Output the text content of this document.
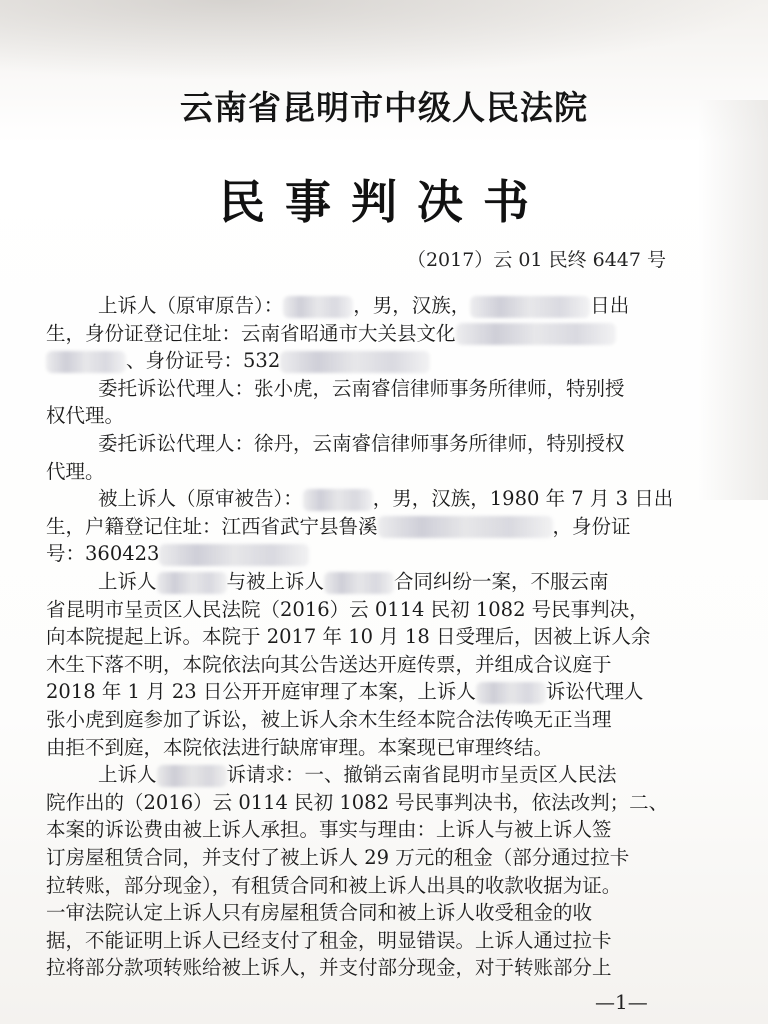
云南省昆明市中级人民法院
民事判决书
（2017）云 01 民终 6447 号
上诉人（原审原告）：	，男，汉族，	日出
生，身份证登记住址：云南省昭通市大关县文化
、身份证号：532
委托诉讼代理人：张小虎，云南睿信律师事务所律师，特别授
权代理。
委托诉讼代理人：徐丹，云南睿信律师事务所律师，特别授权
代理。
被上诉人（原审被告）：	，男，汉族，1980 年 7 月 3 日出
生，户籍登记住址：江西省武宁县鲁溪	，身份证
号：360423
上诉人	与被上诉人	合同纠纷一案，不服云南
省昆明市呈贡区人民法院（2016）云 0114 民初 1082 号民事判决，
向本院提起上诉。本院于 2017 年 10 月 18 日受理后，因被上诉人余
木生下落不明，本院依法向其公告送达开庭传票，并组成合议庭于
2018 年 1 月 23 日公开开庭审理了本案，上诉人	诉讼代理人
张小虎到庭参加了诉讼，被上诉人余木生经本院合法传唤无正当理
由拒不到庭，本院依法进行缺席审理。本案现已审理终结。
上诉人	诉请求：一、撤销云南省昆明市呈贡区人民法
院作出的（2016）云 0114 民初 1082 号民事判决书，依法改判；二、
本案的诉讼费由被上诉人承担。事实与理由：上诉人与被上诉人签
订房屋租赁合同，并支付了被上诉人 29 万元的租金（部分通过拉卡
拉转账，部分现金），有租赁合同和被上诉人出具的收款收据为证。
一审法院认定上诉人只有房屋租赁合同和被上诉人收受租金的收
据，不能证明上诉人已经支付了租金，明显错误。上诉人通过拉卡
拉将部分款项转账给被上诉人，并支付部分现金，对于转账部分上
—1—
